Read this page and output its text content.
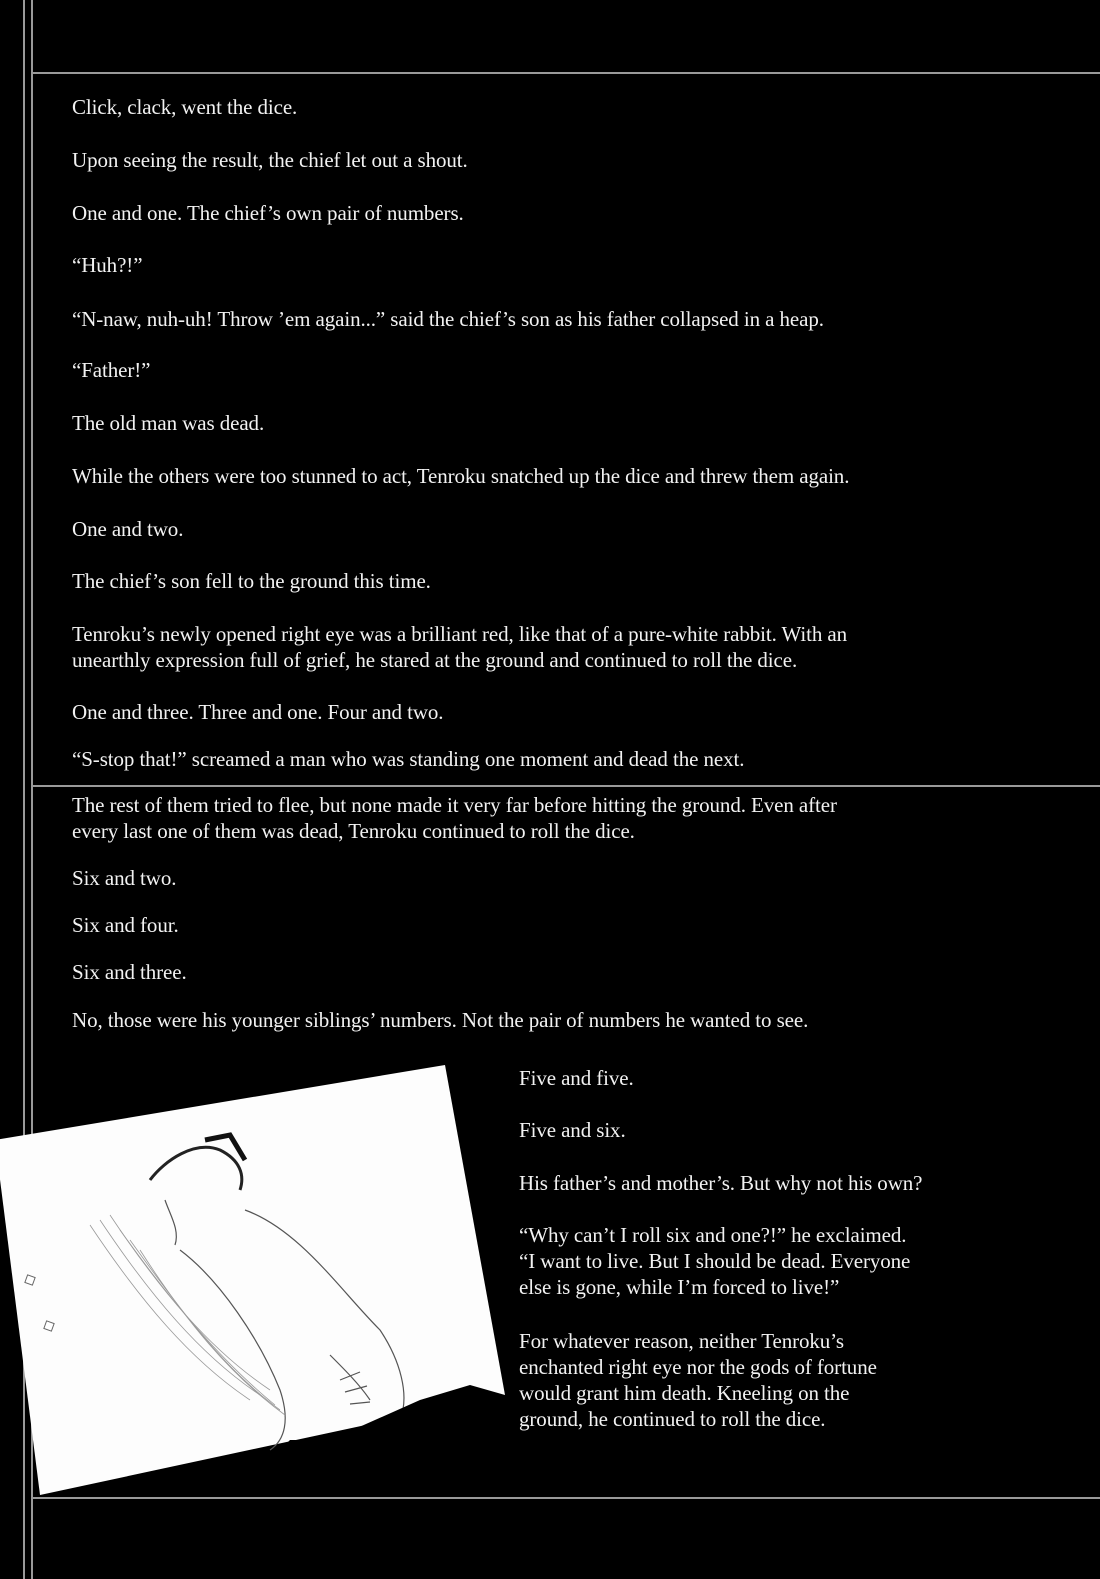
Click, clack, went the dice.
Upon seeing the result, the chief let out a shout.
One and one. The chief’s own pair of numbers.
“Huh?!”
“N-naw, nuh-uh! Throw ’em again...” said the chief’s son as his father collapsed in a heap.
“Father!”
The old man was dead.
While the others were too stunned to act, Tenroku snatched up the dice and threw them again.
One and two.
The chief’s son fell to the ground this time.
Tenroku’s newly opened right eye was a brilliant red, like that of a pure-white rabbit. With an
unearthly expression full of grief, he stared at the ground and continued to roll the dice.
One and three. Three and one. Four and two.
“S-stop that!” screamed a man who was standing one moment and dead the next.
The rest of them tried to flee, but none made it very far before hitting the ground. Even after
every last one of them was dead, Tenroku continued to roll the dice.
Six and two.
Six and four.
Six and three.
No, those were his younger siblings’ numbers. Not the pair of numbers he wanted to see.
Five and five.
Five and six.
His father’s and mother’s. But why not his own?
“Why can’t I roll six and one?!” he exclaimed.
“I want to live. But I should be dead. Everyone
else is gone, while I’m forced to live!”
For whatever reason, neither Tenroku’s
enchanted right eye nor the gods of fortune
would grant him death. Kneeling on the
ground, he continued to roll the dice.
